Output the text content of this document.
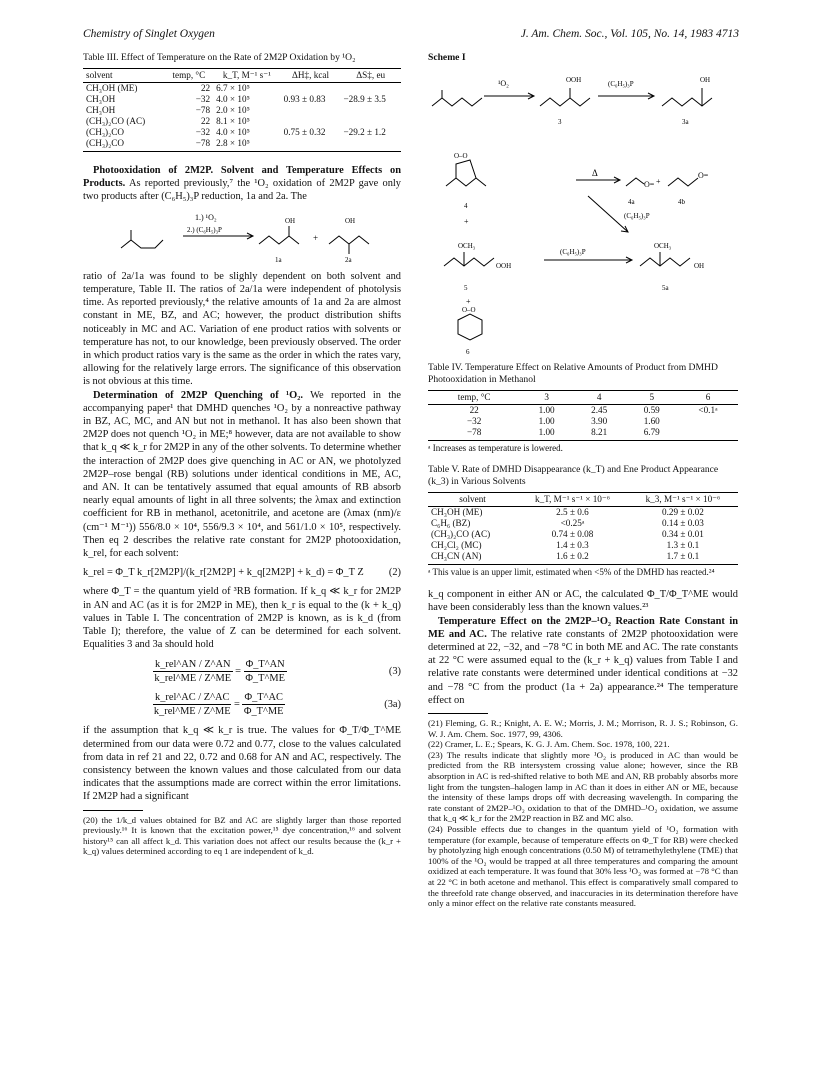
Chemistry of Singlet Oxygen	J. Am. Chem. Soc., Vol. 105, No. 14, 1983 4713
Table III. Effect of Temperature on the Rate of 2M2P Oxidation by ¹O₂
solvent	temp, °C	k_T, M⁻¹ s⁻¹	ΔH‡, kcal	ΔS‡, eu
CH₃OH (ME)	22	6.7 × 10⁵		
CH₃OH	−32	4.0 × 10⁵	0.93 ± 0.83	−28.9 ± 3.5
CH₃OH	−78	2.0 × 10⁵		
(CH₃)₂CO (AC)	22	8.1 × 10⁵		
(CH₃)₂CO	−32	4.0 × 10⁵	0.75 ± 0.32	−29.2 ± 1.2
(CH₃)₂CO	−78	2.8 × 10⁵		

Photooxidation of 2M2P. Solvent and Temperature Effects on Products. As reported previously,⁷ the ¹O₂ oxidation of 2M2P gave only two products after (C₆H₅)₃P reduction, 1a and 2a. The

1.) ¹O₂
2.) (C₆H₅)₃P
OH	OH
1a	2a
+

ratio of 2a/1a was found to be slighly dependent on both solvent and temperature, Table II. The ratios of 2a/1a were independent of photolysis time. As reported previously,⁴ the relative amounts of 1a and 2a are almost constant in ME, BZ, and AC; however, the product distribution shifts noticeably in MC and AC. Variation of ene product ratios with solvents or temperature has not, to our knowledge, been previously observed. The order in which product ratios vary is the same as the order in which the rates vary, allowing for the relatively large errors. The significance of this observation is not obvious at this time.

Determination of 2M2P Quenching of ¹O₂. We reported in the accompanying paper¹ that DMHD quenches ¹O₂ by a nonreactive pathway in BZ, AC, MC, and AN but not in methanol. It has also been shown that 2M2P does not quench ¹O₂ in ME;⁸ however, data are not available to show that k_q ≪ k_r for 2M2P in any of the other solvents. To determine whether the interaction of 2M2P does give quenching in AC or AN, we photolyzed 2M2P–rose bengal (RB) solutions under identical conditions in ME, AC, and AN. It can be tentatively assumed that equal amounts of RB absorb nearly equal amounts of light in all three solvents; the λmax and extinction coefficient for RB in methanol, acetonitrile, and acetone are (λmax (nm)/ε (cm⁻¹ M⁻¹)) 556/8.0 × 10⁴, 556/9.3 × 10⁴, and 561/1.0 × 10⁵, respectively. Then eq 2 describes the relative rate constant for 2M2P photooxidation, k_rel, for each solvent:

k_rel = Φ_T k_r[2M2P]/(k_r[2M2P] + k_q[2M2P] + k_d) = Φ_T Z (2)

where Φ_T = the quantum yield of ³RB formation. If k_q ≪ k_r for 2M2P in AN and AC (as it is for 2M2P in ME), then k_r is equal to the (k + k_q) values in Table I. The concentration of 2M2P is known, as is k_d (from Table I); therefore, the value of Z can be determined for each solvent. Equalities 3 and 3a should hold

$\frac{\text{k\_rel\textasciicircum{}AN / Z\textasciicircum{}AN}}{\text{k\_rel\textasciicircum{}ME / Z\textasciicircum{}ME}} = \frac{\Phi\_T\^{}AN}{\Phi\_T\^{}ME}$	(3)
$\frac{\text{k\_rel\textasciicircum{}AC / Z\textasciicircum{}AC}}{\text{k\_rel\textasciicircum{}ME / Z\textasciicircum{}ME}} = \frac{\Phi\_T\^{}AC}{\Phi\_T\^{}ME}$	(3a)

if the assumption that k_q ≪ k_r is true. The values for Φ_T/Φ_T^ME determined from our data were 0.72 and 0.77, close to the values calculated from data in ref 21 and 22, 0.72 and 0.68 for AN and AC, respectively. The consistency between the known values and those calculated from our data indicates that the assumptions made are correct within the error limitations. If 2M2P had a significant

(20) the 1/k_d values obtained for BZ and AC are slightly larger than those reported previously.¹⁶ It is known that the excitation power,¹⁵ dye concentration,¹⁶ and solvent history¹⁵ can all affect k_d. This variation does not affect our results because the (k_r + k_q) values determined according to eq 1 are independent of k_d.
Scheme I
¹O₂	OOH	(C₆H₅)₃P	OH
3	3a
O–O
Δ
O= +
O=
4	4a	4b
+
OCH₃
OOH
(C₆H₅)₃P
OCH₃
OH
(C₆H₅)₃P
5	5a
+
O–O
6
Table IV. Temperature Effect on Relative Amounts of Product from DMHD Photooxidation in Methanol
temp, °C	3	4	5	6
22	1.00	2.45	0.59	<0.1ᵃ
−32	1.00	3.90	1.60	
−78	1.00	8.21	6.79	
ᵃ Increases as temperature is lowered.
Table V. Rate of DMHD Disappearance (k_T) and Ene Product Appearance (k_3) in Various Solvents
solvent	k_T, M⁻¹ s⁻¹ × 10⁻⁶	k_3, M⁻¹ s⁻¹ × 10⁻⁶
CH₃OH (ME)	2.5 ± 0.6	0.29 ± 0.02
C₆H₆ (BZ)	<0.25ᵃ	0.14 ± 0.03
(CH₃)₂CO (AC)	0.74 ± 0.08	0.34 ± 0.01
CH₂Cl₂ (MC)	1.4 ± 0.3	1.3 ± 0.1
CH₃CN (AN)	1.6 ± 0.2	1.7 ± 0.1
ᵃ This value is an upper limit, estimated when <5% of the DMHD has reacted.²⁴

k_q component in either AN or AC, the calculated Φ_T/Φ_T^ME would have been considerably less than the known values.²³

Temperature Effect on the 2M2P–¹O₂ Reaction Rate Constant in ME and AC. The relative rate constants of 2M2P photooxidation were determined at 22, −32, and −78 °C in both ME and AC. The rate constants at 22 °C were assumed equal to the (k_r + k_q) values from Table I and relative rate constants were determined under identical conditions at −32 and −78 °C from the product (1a + 2a) appearance.²⁴ The temperature effect on

(21) Fleming, G. R.; Knight, A. E. W.; Morris, J. M.; Morrison, R. J. S.; Robinson, G. W. J. Am. Chem. Soc. 1977, 99, 4306.
(22) Cramer, L. E.; Spears, K. G. J. Am. Chem. Soc. 1978, 100, 221.
(23) The results indicate that slightly more ¹O₂ is produced in AC than would be predicted from the RB intersystem crossing value alone; however, since the RB absorption in AC is red-shifted relative to both ME and AN, RB probably absorbs more light from the tungsten–halogen lamp in AC than it does in either AN or ME, because the intensity of these lamps drops off with decreasing wavelength. In comparing the rate constant of 2M2P–¹O₂ oxidation to that of the DMHD–¹O₂ oxidation, we assume that k_q ≪ k_r for the 2M2P reaction in BZ and MC also.
(24) Possible effects due to changes in the quantum yield of ¹O₂ formation with temperature (for example, because of temperature effects on Φ_T for RB) were checked by photolyzing high enough concentrations (0.50 M) of tetramethylethylene (TME) that 100% of the ¹O₂ would be trapped at all three temperatures and comparing the amount oxidized at each temperature. It was found that 30% less ¹O₂ was formed at −78 °C than at 22 °C in both acetone and methanol. This effect is comparatively small compared to the threefold rate change observed, and inaccuracies in its determination therefore have only a minor effect on the relative rate constants measured.
